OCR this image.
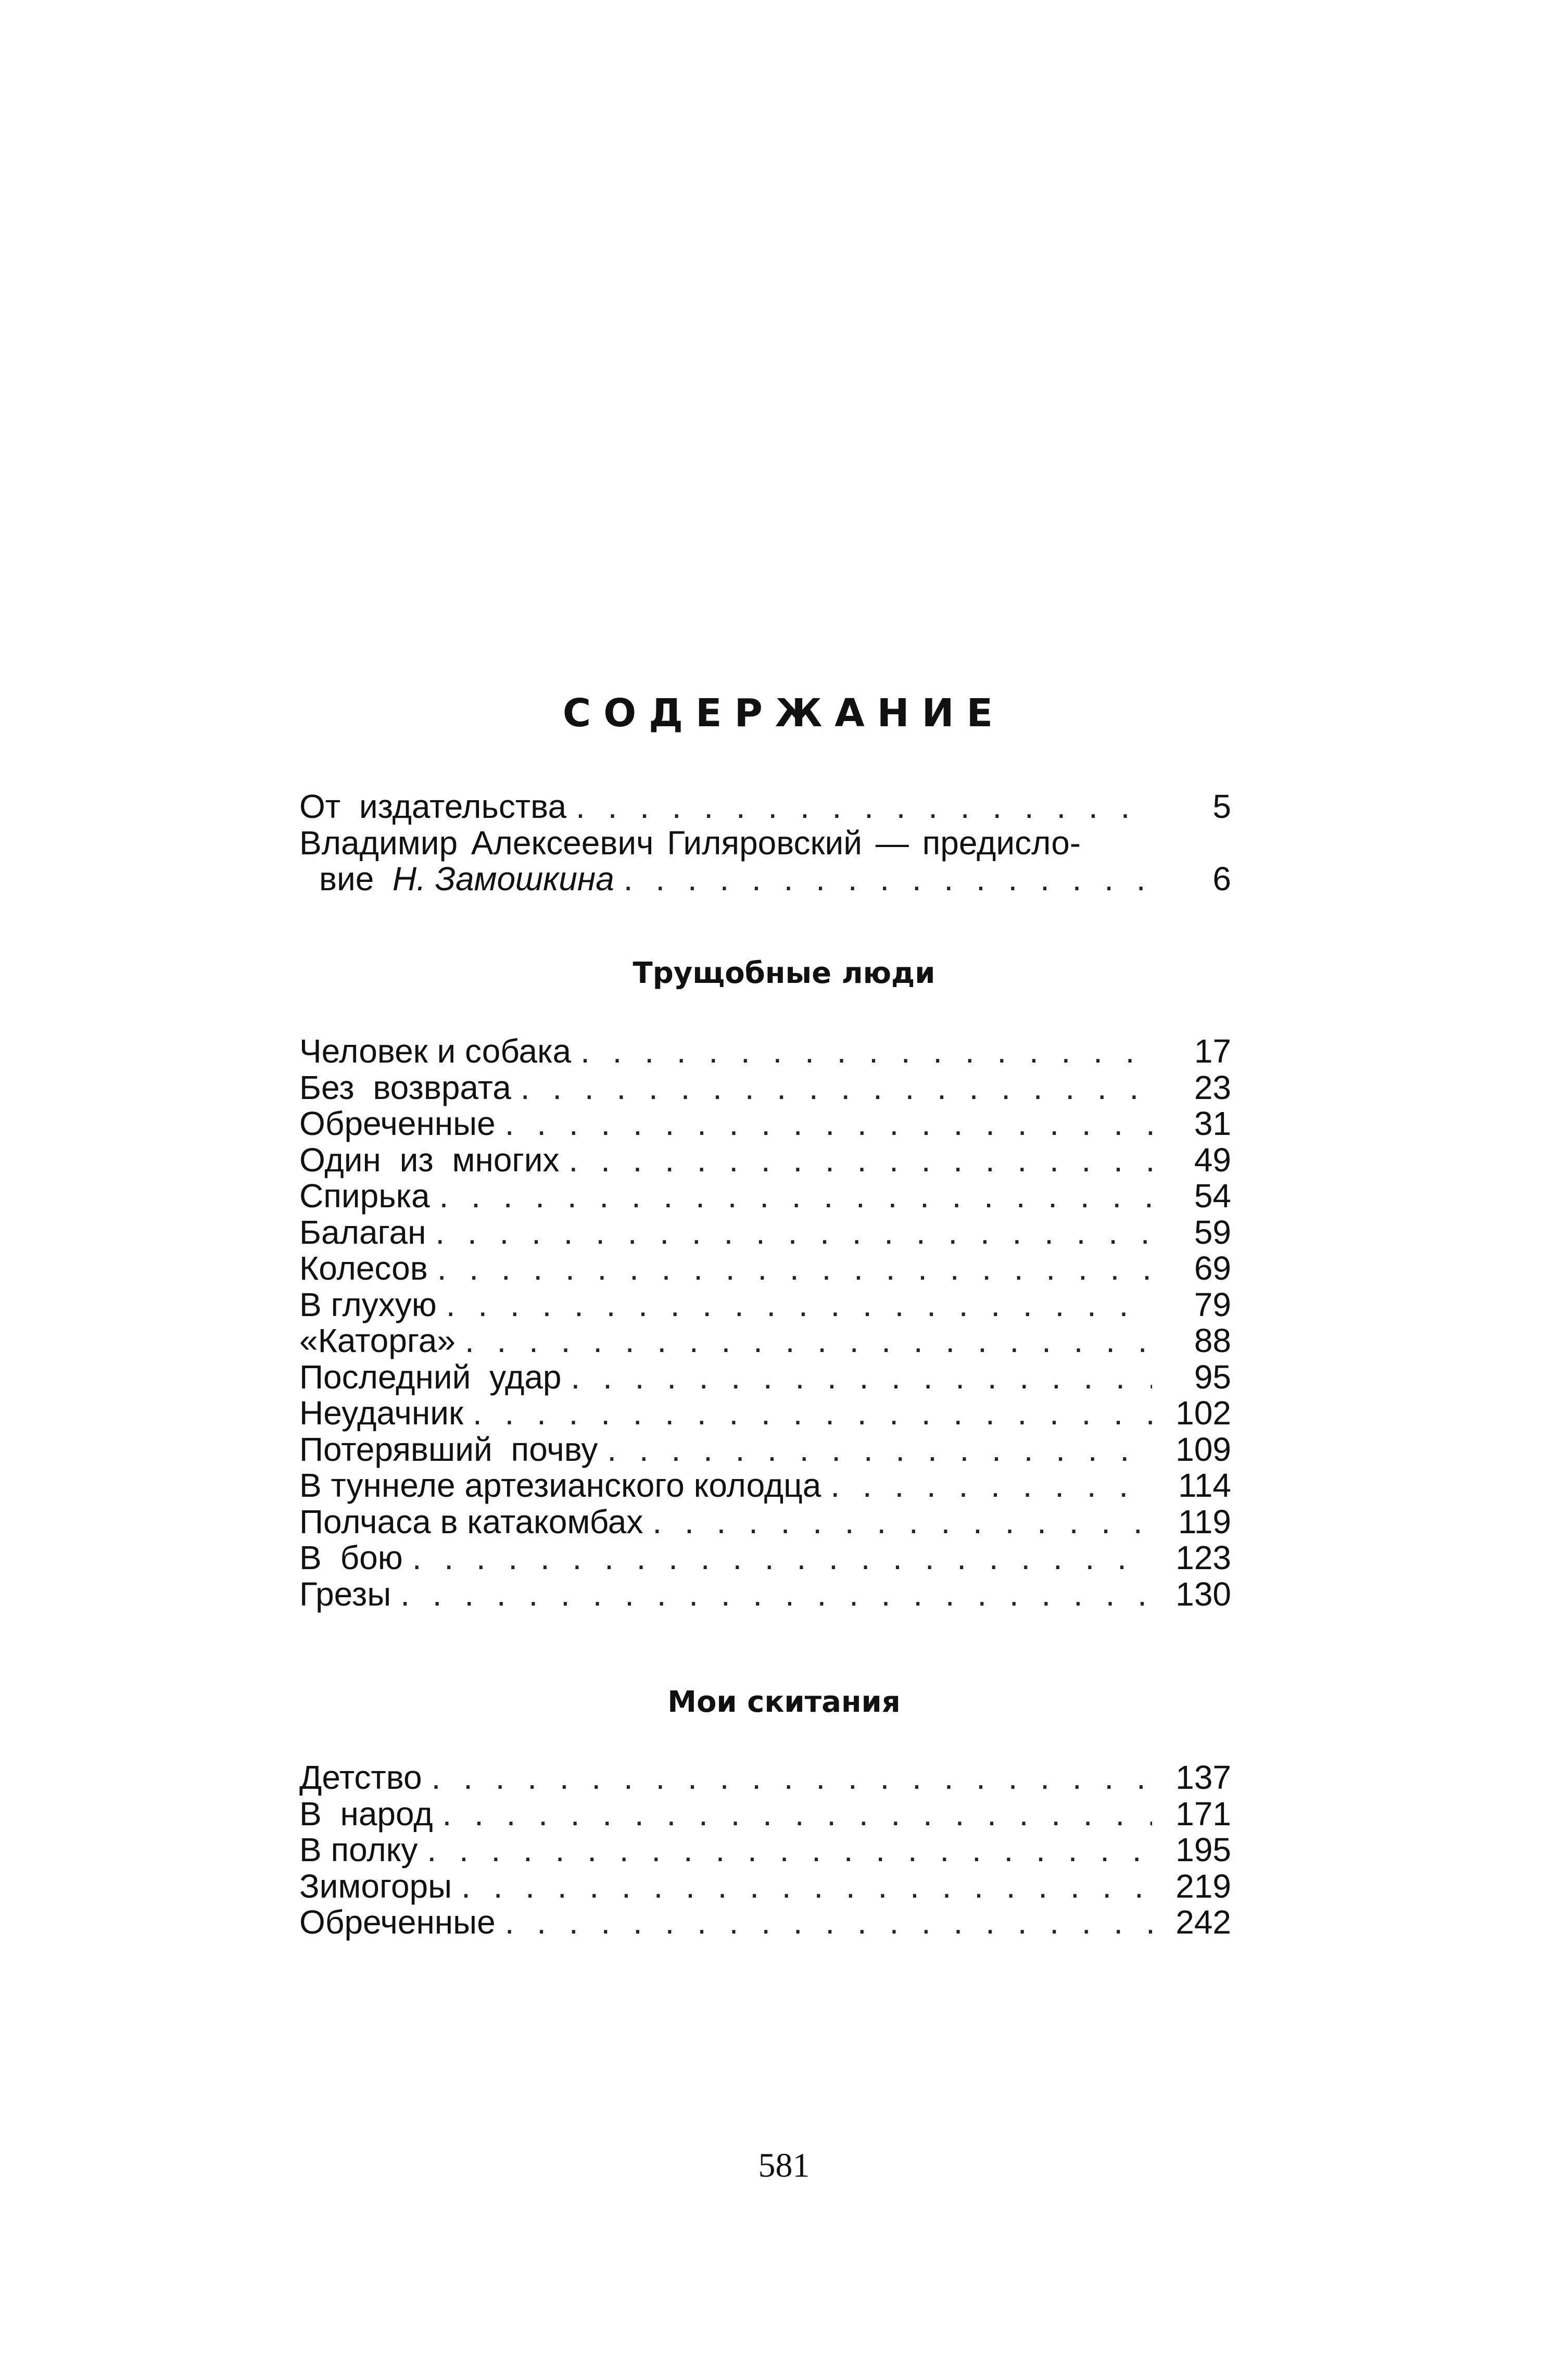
СОДЕРЖАНИЕ
От издательства . . .	5
Владимир Алексеевич Гиляровский — предисло-
вие Н. Замошкина . . .	6
Трущобные люди
Человек и собака . . .	17
Без возврата . . .	23
Обреченные . . .	31
Один из многих . . .	49
Спирька . . .	54
Балаган . . .	59
Колесов . . .	69
В глухую . . .	79
«Каторга» . . .	88
Последний удар . . .	95
Неудачник . . .	102
Потерявший почву . . .	109
В туннеле артезианского колодца . . .	114
Полчаса в катакомбах . . .	119
В бою . . .	123
Грезы . . .	130
Мои скитания
Детство . . .	137
В народ . . .	171
В полку . . .	195
Зимогоры . . .	219
Обреченные . . .	242
581
